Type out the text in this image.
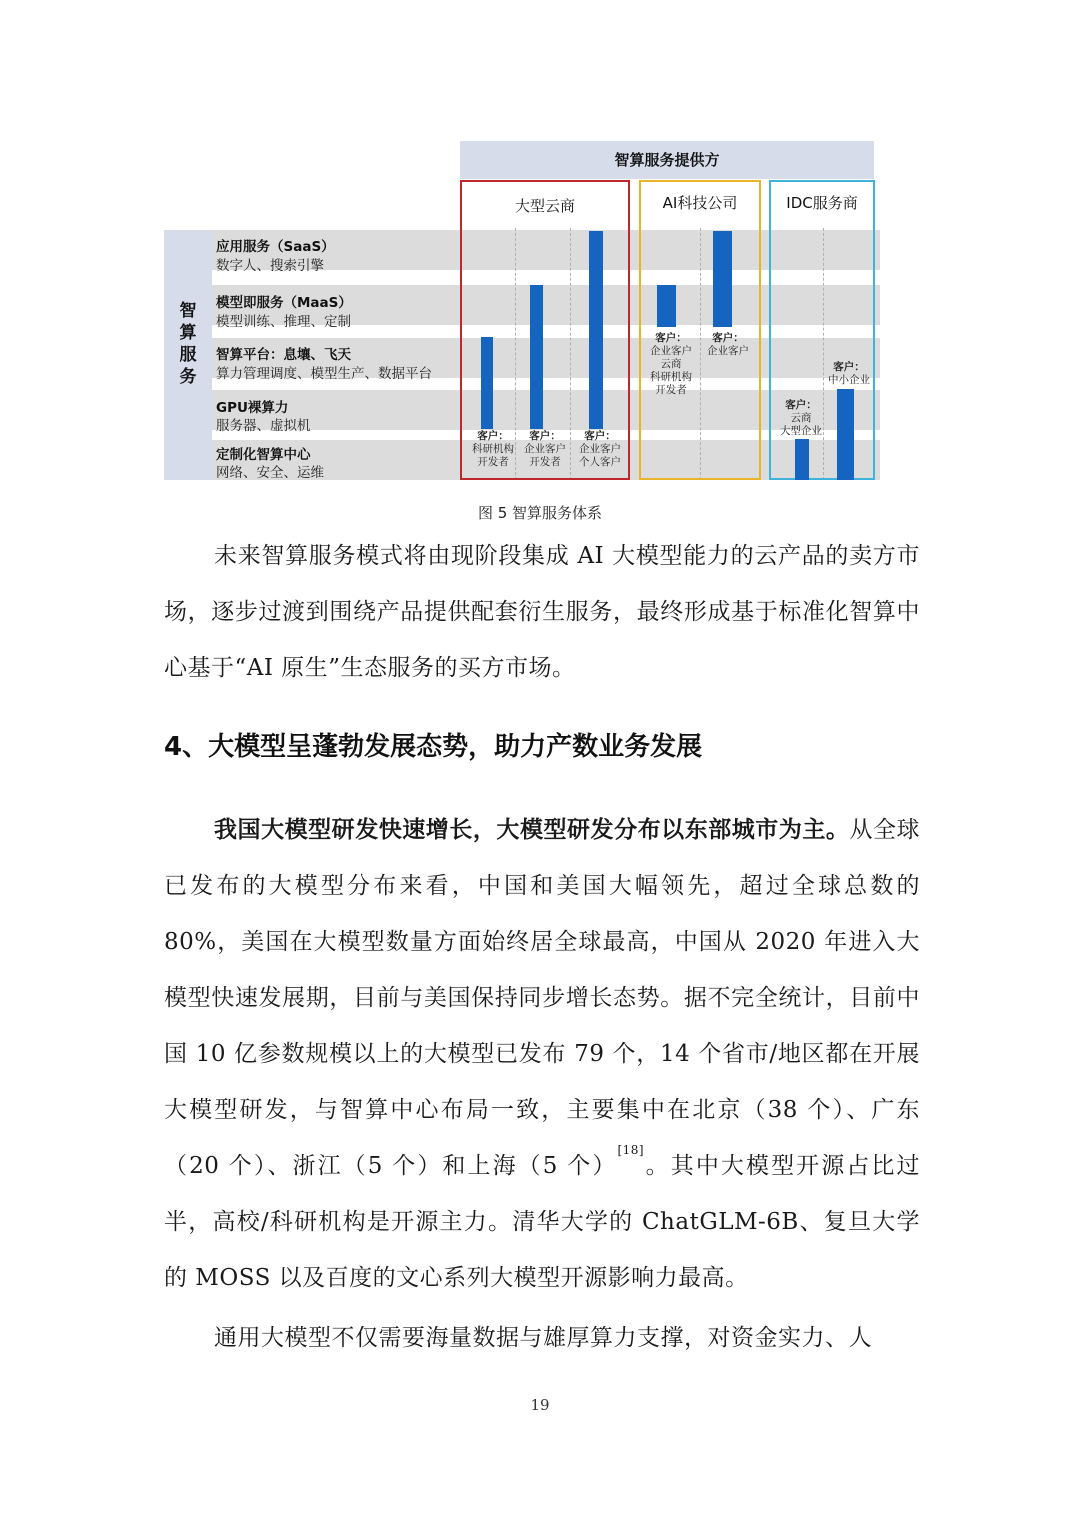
智算服务提供方
智
算
服
务
应用服务（SaaS）
数字人、搜索引擎
模型即服务（MaaS）
模型训练、推理、定制
智算平台：息壤、飞天
算力管理调度、模型生产、数据平台
GPU裸算力
服务器、虚拟机
定制化智算中心
网络、安全、运维
大型云商	AI科技公司	IDC服务商
客户：
科研机构
开发者
客户：
企业客户
开发者
客户：
企业客户
个人客户
客户：
企业客户
云商
科研机构
开发者
客户：
企业客户
客户：
云商
大型企业
客户：
中小企业
图 5 智算服务体系
未来智算服务模式将由现阶段集成 AI 大模型能力的云产品的卖方市场，逐步过渡到围绕产品提供配套衍生服务，最终形成基于标准化智算中心基于“AI 原生”生态服务的买方市场。
4、大模型呈蓬勃发展态势，助力产数业务发展
我国大模型研发快速增长，大模型研发分布以东部城市为主。从全球已发布的大模型分布来看，中国和美国大幅领先，超过全球总数的 80%，美国在大模型数量方面始终居全球最高，中国从 2020 年进入大模型快速发展期，目前与美国保持同步增长态势。据不完全统计，目前中国 10 亿参数规模以上的大模型已发布 79 个，14 个省市/地区都在开展大模型研发，与智算中心布局一致，主要集中在北京（38 个）、广东（20 个）、浙江（5 个）和上海（5 个）[18]。其中大模型开源占比过半，高校/科研机构是开源主力。清华大学的 ChatGLM-6B、复旦大学的 MOSS 以及百度的文心系列大模型开源影响力最高。
通用大模型不仅需要海量数据与雄厚算力支撑，对资金实力、人
19
